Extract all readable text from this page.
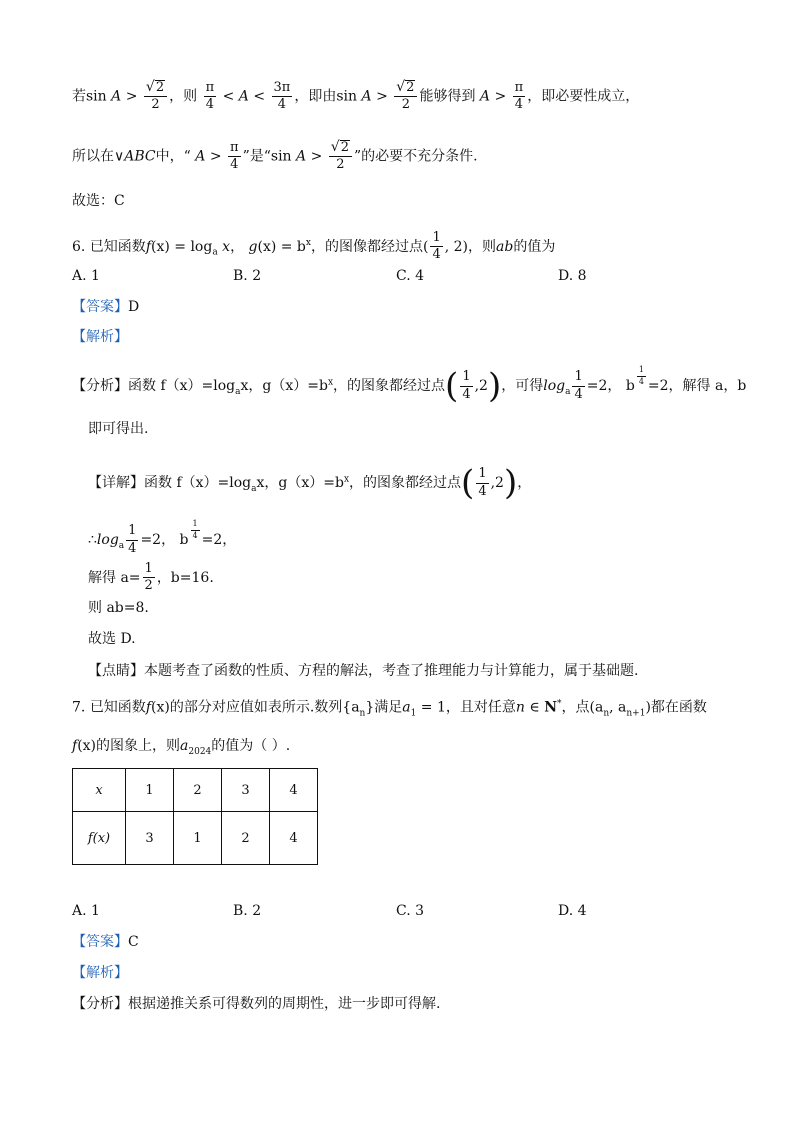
若$\sin A > \frac{√ 2}{2}$ ，则 $\frac{\pi}{4} < A < \frac{3\pi}{4}$ ，即由$\sin A > \frac{√ 2}{2}$ 能够得到 $A > \frac{\pi}{4}$ ，即必要性成立，
所以在∨ABC中，“ $A > \frac{\pi}{4}$ ”是“sin $A > \frac{√ 2}{2}$ ”的必要不充分条件.
故选：C
6. 已知函数$f(x) = \log_a x$， $g(x) = b^x$，的图像都经过点( $\frac{1}{4}$ , 2)，则ab的值为
A. 1	B. 2	C. 4	D. 8
【答案】D
【解析】
【分析】函数 $f(x)=\log_ax$，$g(x)=b^x$，的图象都经过点( $\frac{1}{4} ,2$)，可得$\log_a \frac{1}{4} =2$， b $\frac{1}{4} =2$，解得 a，b
即可得出.
【详解】函数 $f(x)=\log_ax$，$g(x)=b^x$，的图象都经过点( $\frac{1}{4} ,2$)，
$\therefore\log_a \frac{1}{4} =2$， b $\frac{1}{4} =2$，
解得 $a= \frac{1}{2}$ ，b=16.
则 ab=8.
故选 D.
【点睛】本题考查了函数的性质、方程的解法，考查了推理能力与计算能力，属于基础题.
7. 已知函数f(x)的部分对应值如表所示.数列$\{a_n\}$满足$a_1 = 1$，且对任意n ∈ N*，点($a_n$, $a_{n+1}$)都在函数
f(x)的图象上，则$a_{2024}$的值为（ ）.
x	1	2	3	4
f(x)	3	1	2	4
A. 1	B. 2	C. 3	D. 4
【答案】C
【解析】
【分析】根据递推关系可得数列的周期性，进一步即可得解.
